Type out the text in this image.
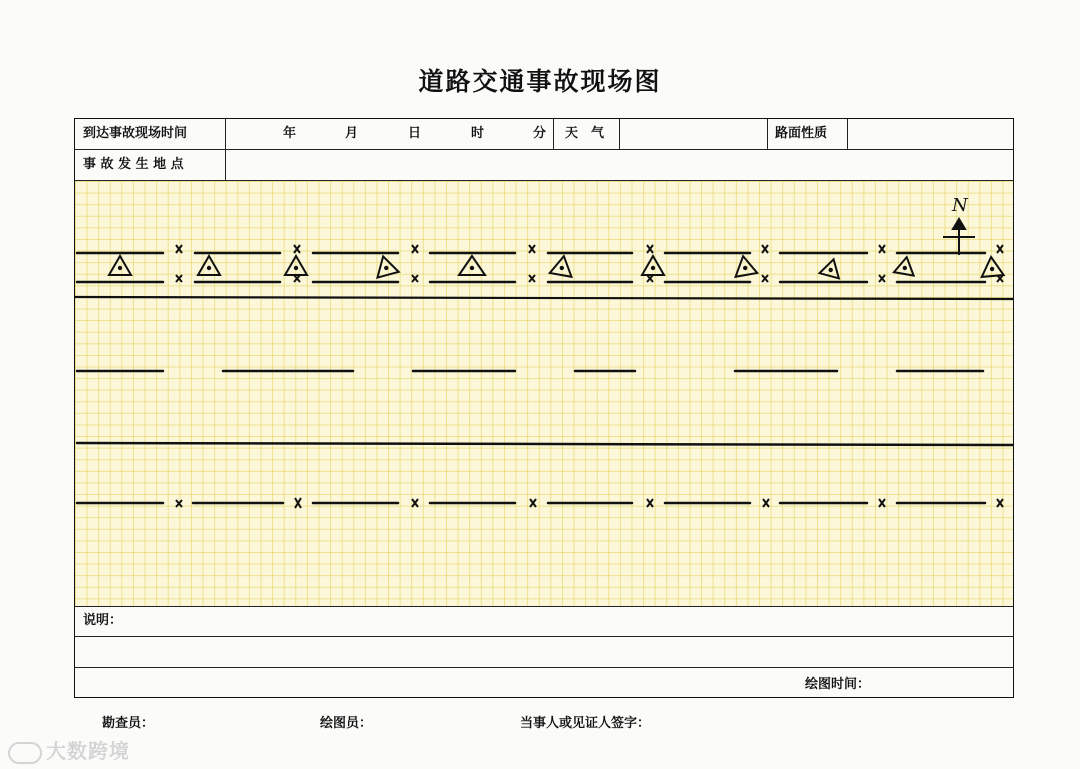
道路交通事故现场图
到达事故现场时间	年	月	日	时	分 天　气	路面性质
事 故 发 生 地 点
N
说明：
绘图时间：
勘查员：	绘图员：	当事人或见证人签字：
大数跨境
